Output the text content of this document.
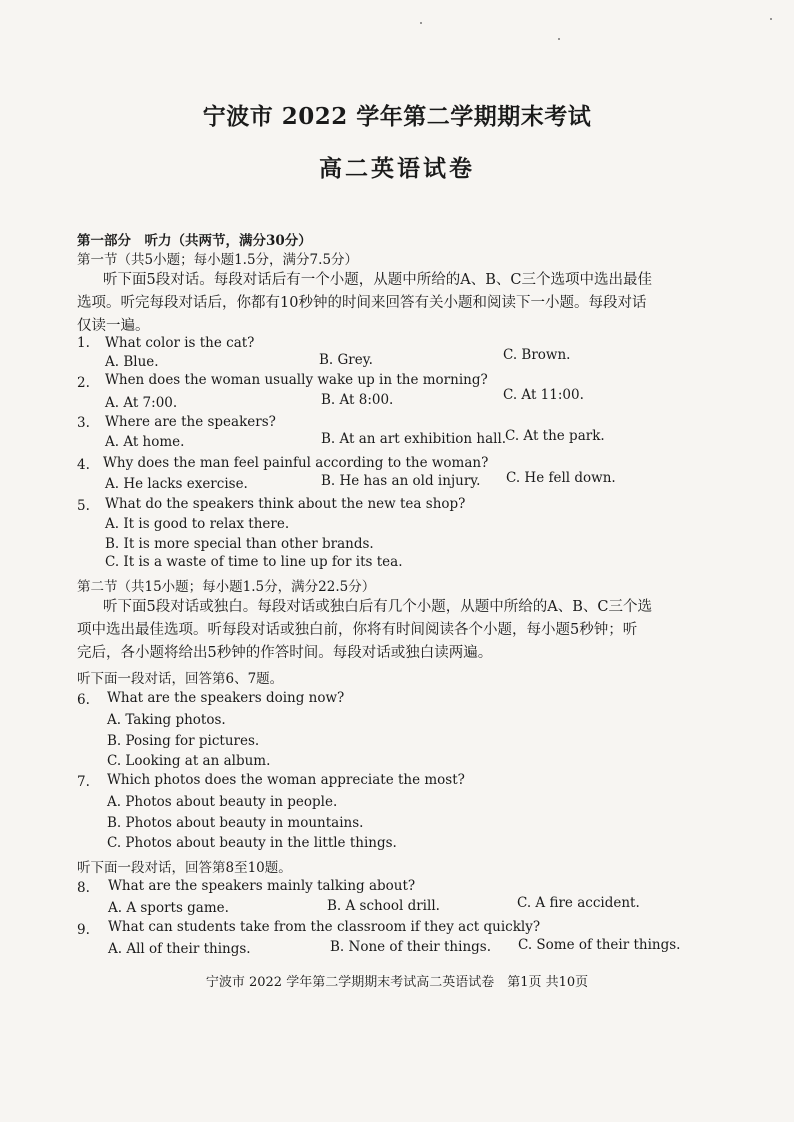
宁波市 2022 学年第二学期期末考试
高二英语试卷
第一部分　听力（共两节，满分30分）
第一节（共5小题；每小题1.5分，满分7.5分）
听下面5段对话。每段对话后有一个小题，从题中所给的A、B、C三个选项中选出最佳
选项。听完每段对话后，你都有10秒钟的时间来回答有关小题和阅读下一小题。每段对话
仅读一遍。
1. What color is the cat?
A. Blue.	B. Grey.	C. Brown.
2. When does the woman usually wake up in the morning?
A. At 7:00.	B. At 8:00.	C. At 11:00.
3. Where are the speakers?
A. At home.	B. At an art exhibition hall.
C. At the park.
4. Why does the man feel painful according to the woman?
A. He lacks exercise.	B. He has an old injury. C. He fell down.
5. What do the speakers think about the new tea shop?
A. It is good to relax there.
B. It is more special than other brands.
C. It is a waste of time to line up for its tea.
第二节（共15小题；每小题1.5分，满分22.5分）
听下面5段对话或独白。每段对话或独白后有几个小题，从题中所给的A、B、C三个选
项中选出最佳选项。听每段对话或独白前，你将有时间阅读各个小题，每小题5秒钟；听
完后，各小题将给出5秒钟的作答时间。每段对话或独白读两遍。
听下面一段对话，回答第6、7题。
6. What are the speakers doing now?
A. Taking photos.
B. Posing for pictures.
C. Looking at an album.
7. Which photos does the woman appreciate the most?
A. Photos about beauty in people.
B. Photos about beauty in mountains.
C. Photos about beauty in the little things.
听下面一段对话，回答第8至10题。
8. What are the speakers mainly talking about?
A. A sports game.	B. A school drill.	C. A fire accident.
9. What can students take from the classroom if they act quickly?
A. All of their things.	B. None of their things. C. Some of their things.
宁波市 2022 学年第二学期期末考试高二英语试卷　第1页 共10页
